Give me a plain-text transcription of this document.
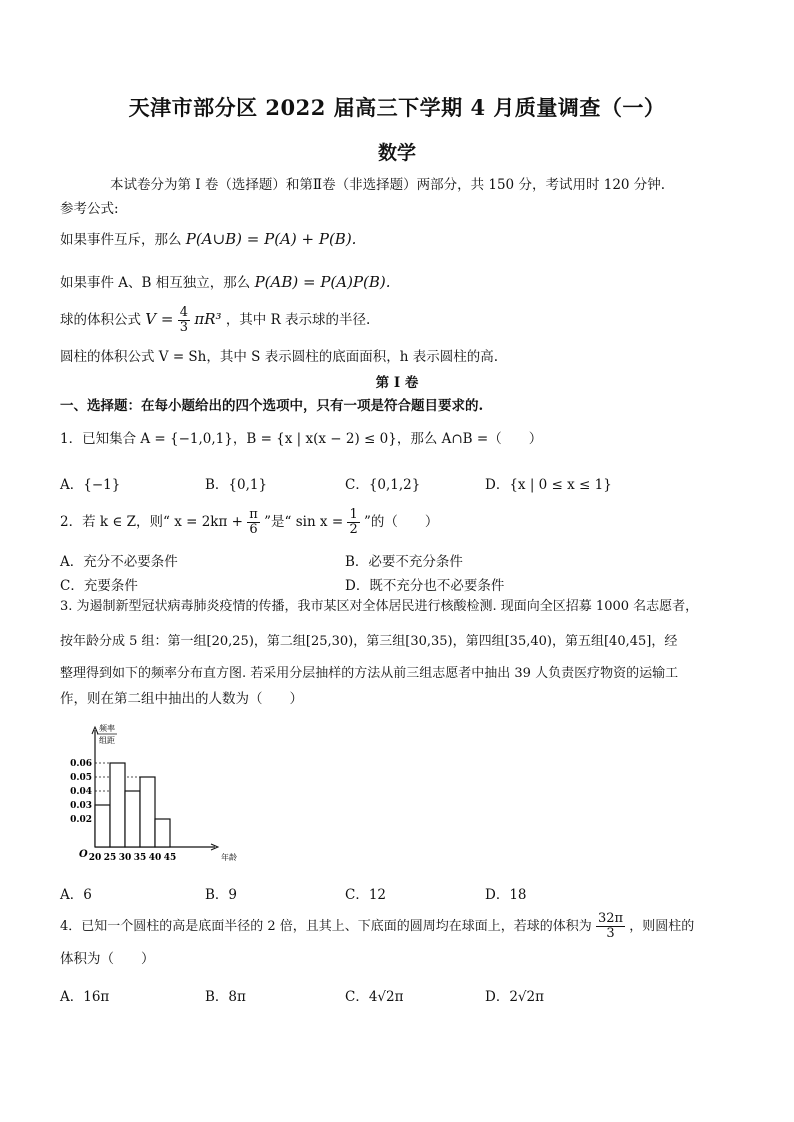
天津市部分区 2022 届高三下学期 4 月质量调查（一）
数学
本试卷分为第 I 卷（选择题）和第Ⅱ卷（非选择题）两部分，共 150 分，考试用时 120 分钟.
参考公式:
如果事件互斥，那么 P(A∪B) = P(A) + P(B).
如果事件 A、B 相互独立，那么 P(AB) = P(A)P(B).
球的体积公式 $V = \frac{4}{3} \pi R^3$ ，其中 R 表示球的半径.
圆柱的体积公式 V = Sh，其中 S 表示圆柱的底面面积，h 表示圆柱的高.
第 I 卷
一、选择题：在每小题给出的四个选项中，只有一项是符合题目要求的.
1．已知集合 A = {−1,0,1}，B = {x | x(x − 2) ≤ 0}，那么 A∩B =（　　）
A．{−1}	B．{0,1}	C．{0,1,2}	D．{x | 0 ≤ x ≤ 1}
2．若 k ∈ Z，则“ $x = 2k\pi + \frac{\pi}{6}$ ”是“ $\sin x = \frac{1}{2}$ ”的（　　）
A．充分不必要条件	B．必要不充分条件
C．充要条件	D．既不充分也不必要条件
3. 为遏制新型冠状病毒肺炎疫情的传播，我市某区对全体居民进行核酸检测. 现面向全区招募 1000 名志愿者，
按年龄分成 5 组：第一组[20,25)，第二组[25,30)，第三组[30,35)，第四组[35,40)，第五组[40,45]，经
整理得到如下的频率分布直方图. 若采用分层抽样的方法从前三组志愿者中抽出 39 人负责医疗物资的运输工
作，则在第二组中抽出的人数为（　　）
0.02
0.03
0.04
0.05
0.06
20 25 30 35 40 45
O	年龄
频率
组距
A．6	B．9	C．12	D．18
4．已知一个圆柱的高是底面半径的 2 倍，且其上、下底面的圆周均在球面上，若球的体积为 $\frac{32\pi}{3}$ ，则圆柱的
体积为（　　）
A．16π	B．8π	C．4√2π	D．2√2π
